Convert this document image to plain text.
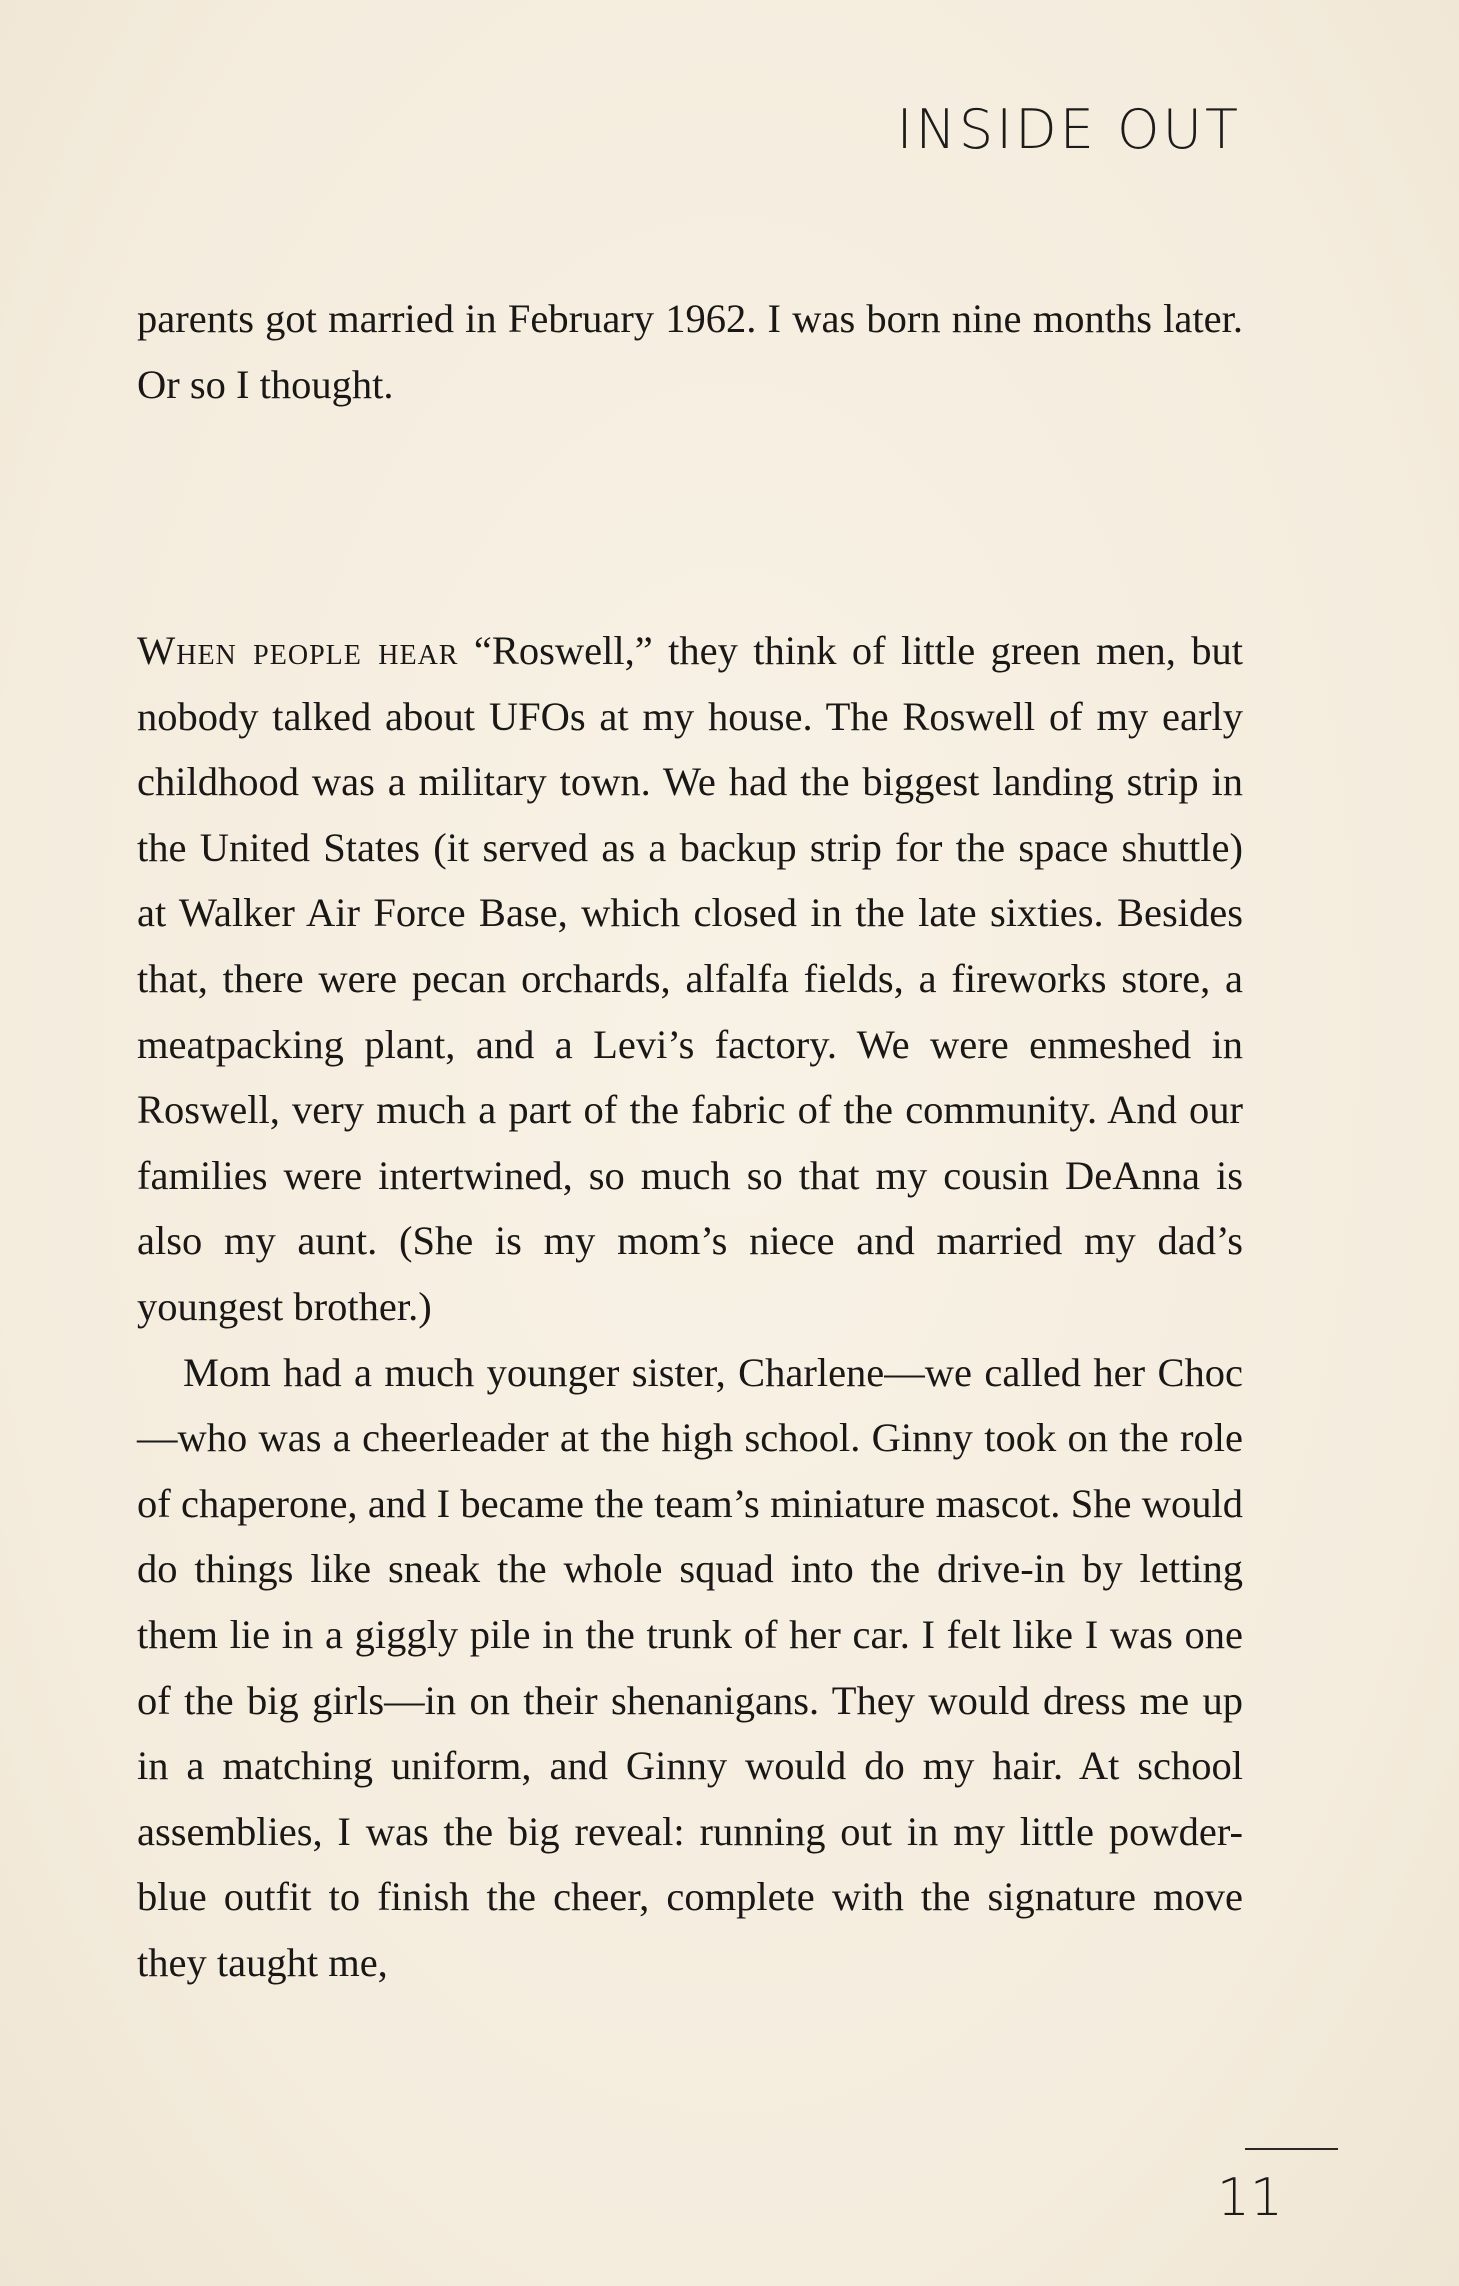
INSIDE OUT

parents got married in February 1962. I was born nine months later. Or so I thought.

When people hear “Roswell,” they think of little green men, but nobody talked about UFOs at my house. The Roswell of my early childhood was a military town. We had the biggest landing strip in the United States (it served as a backup strip for the space shuttle) at Walker Air Force Base, which closed in the late sixties. Besides that, there were pecan orchards, alfalfa fields, a fireworks store, a meatpacking plant, and a Levi’s factory. We were enmeshed in Roswell, very much a part of the fabric of the community. And our families were intertwined, so much so that my cousin DeAnna is also my aunt. (She is my mom’s niece and married my dad’s youngest brother.)

Mom had a much younger sister, Charlene—we called her Choc—who was a cheerleader at the high school. Ginny took on the role of chaperone, and I became the team’s miniature mascot. She would do things like sneak the whole squad into the drive-in by letting them lie in a giggly pile in the trunk of her car. I felt like I was one of the big girls—in on their shenanigans. They would dress me up in a matching uniform, and Ginny would do my hair. At school assemblies, I was the big reveal: running out in my little powder-blue outfit to finish the cheer, complete with the signature move they taught me,

11
